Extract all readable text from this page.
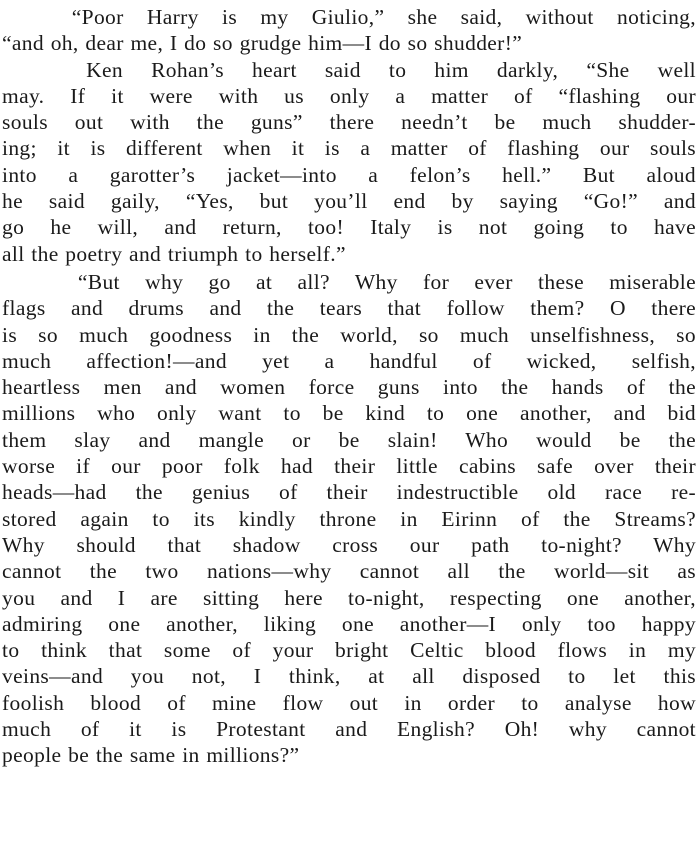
“Poor Harry is my Giulio,” she said, without noticing,
“and oh, dear me, I do so grudge him—I do so shudder!”
Ken Rohan’s heart said to him darkly, “She well
may. If it were with us only a matter of “flashing our
souls out with the guns” there needn’t be much shudder-
ing; it is different when it is a matter of flashing our souls
into a garotter’s jacket—into a felon’s hell.” But aloud
he said gaily, “Yes, but you’ll end by saying “Go!” and
go he will, and return, too! Italy is not going to have
all the poetry and triumph to herself.”
“But why go at all? Why for ever these miserable
flags and drums and the tears that follow them? O there
is so much goodness in the world, so much unselfishness, so
much affection!—and yet a handful of wicked, selfish,
heartless men and women force guns into the hands of the
millions who only want to be kind to one another, and bid
them slay and mangle or be slain! Who would be the
worse if our poor folk had their little cabins safe over their
heads—had the genius of their indestructible old race re-
stored again to its kindly throne in Eirinn of the Streams?
Why should that shadow cross our path to-night? Why
cannot the two nations—why cannot all the world—sit as
you and I are sitting here to-night, respecting one another,
admiring one another, liking one another—I only too happy
to think that some of your bright Celtic blood flows in my
veins—and you not, I think, at all disposed to let this
foolish blood of mine flow out in order to analyse how
much of it is Protestant and English? Oh! why cannot
people be the same in millions?”
